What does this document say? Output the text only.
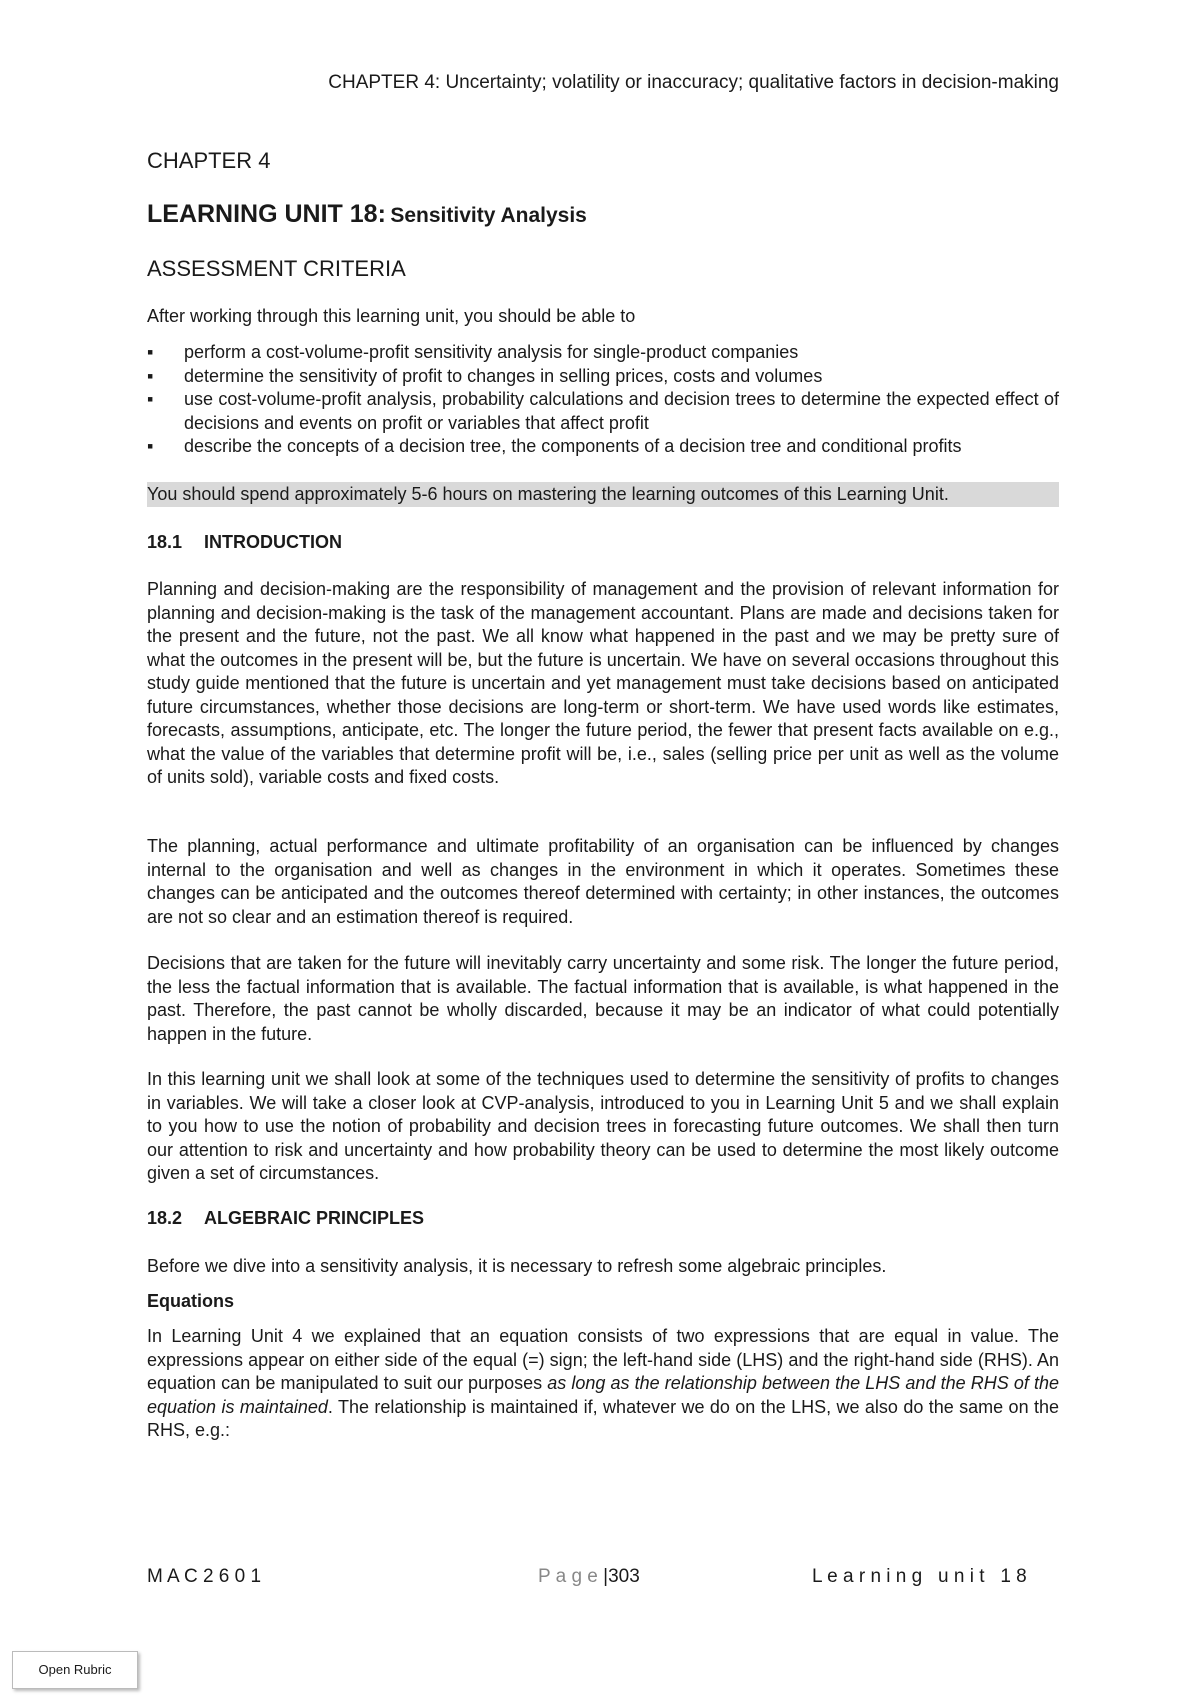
CHAPTER 4: Uncertainty; volatility or inaccuracy; qualitative factors in decision-making
CHAPTER 4
LEARNING UNIT 18: Sensitivity Analysis
ASSESSMENT CRITERIA
After working through this learning unit, you should be able to
▪ perform a cost-volume-profit sensitivity analysis for single-product companies
▪ determine the sensitivity of profit to changes in selling prices, costs and volumes
▪ use cost-volume-profit analysis, probability calculations and decision trees to determine the expected effect of decisions and events on profit or variables that affect profit
▪ describe the concepts of a decision tree, the components of a decision tree and conditional profits
You should spend approximately 5-6 hours on mastering the learning outcomes of this Learning Unit.
18.1 INTRODUCTION

Planning and decision-making are the responsibility of management and the provision of relevant information for planning and decision-making is the task of the management accountant. Plans are made and decisions taken for the present and the future, not the past. We all know what happened in the past and we may be pretty sure of what the outcomes in the present will be, but the future is uncertain. We have on several occasions throughout this study guide mentioned that the future is uncertain and yet management must take decisions based on anticipated future circumstances, whether those decisions are long-term or short-term. We have used words like estimates, forecasts, assumptions, anticipate, etc. The longer the future period, the fewer that present facts available on e.g., what the value of the variables that determine profit will be, i.e., sales (selling price per unit as well as the volume of units sold), variable costs and fixed costs.

The planning, actual performance and ultimate profitability of an organisation can be influenced by changes internal to the organisation and well as changes in the environment in which it operates. Sometimes these changes can be anticipated and the outcomes thereof determined with certainty; in other instances, the outcomes are not so clear and an estimation thereof is required.

Decisions that are taken for the future will inevitably carry uncertainty and some risk. The longer the future period, the less the factual information that is available. The factual information that is available, is what happened in the past. Therefore, the past cannot be wholly discarded, because it may be an indicator of what could potentially happen in the future.

In this learning unit we shall look at some of the techniques used to determine the sensitivity of profits to changes in variables. We will take a closer look at CVP-analysis, introduced to you in Learning Unit 5 and we shall explain to you how to use the notion of probability and decision trees in forecasting future outcomes. We shall then turn our attention to risk and uncertainty and how probability theory can be used to determine the most likely outcome given a set of circumstances.

18.2 ALGEBRAIC PRINCIPLES

Before we dive into a sensitivity analysis, it is necessary to refresh some algebraic principles.

Equations

In Learning Unit 4 we explained that an equation consists of two expressions that are equal in value. The expressions appear on either side of the equal (=) sign; the left-hand side (LHS) and the right-hand side (RHS). An equation can be manipulated to suit our purposes as long as the relationship between the LHS and the RHS of the equation is maintained. The relationship is maintained if, whatever we do on the LHS, we also do the same on the RHS, e.g.:

M A C 2 6 0 1	P a g e |303	L e a r n i n g   u n i t   1 8
Open Rubric
